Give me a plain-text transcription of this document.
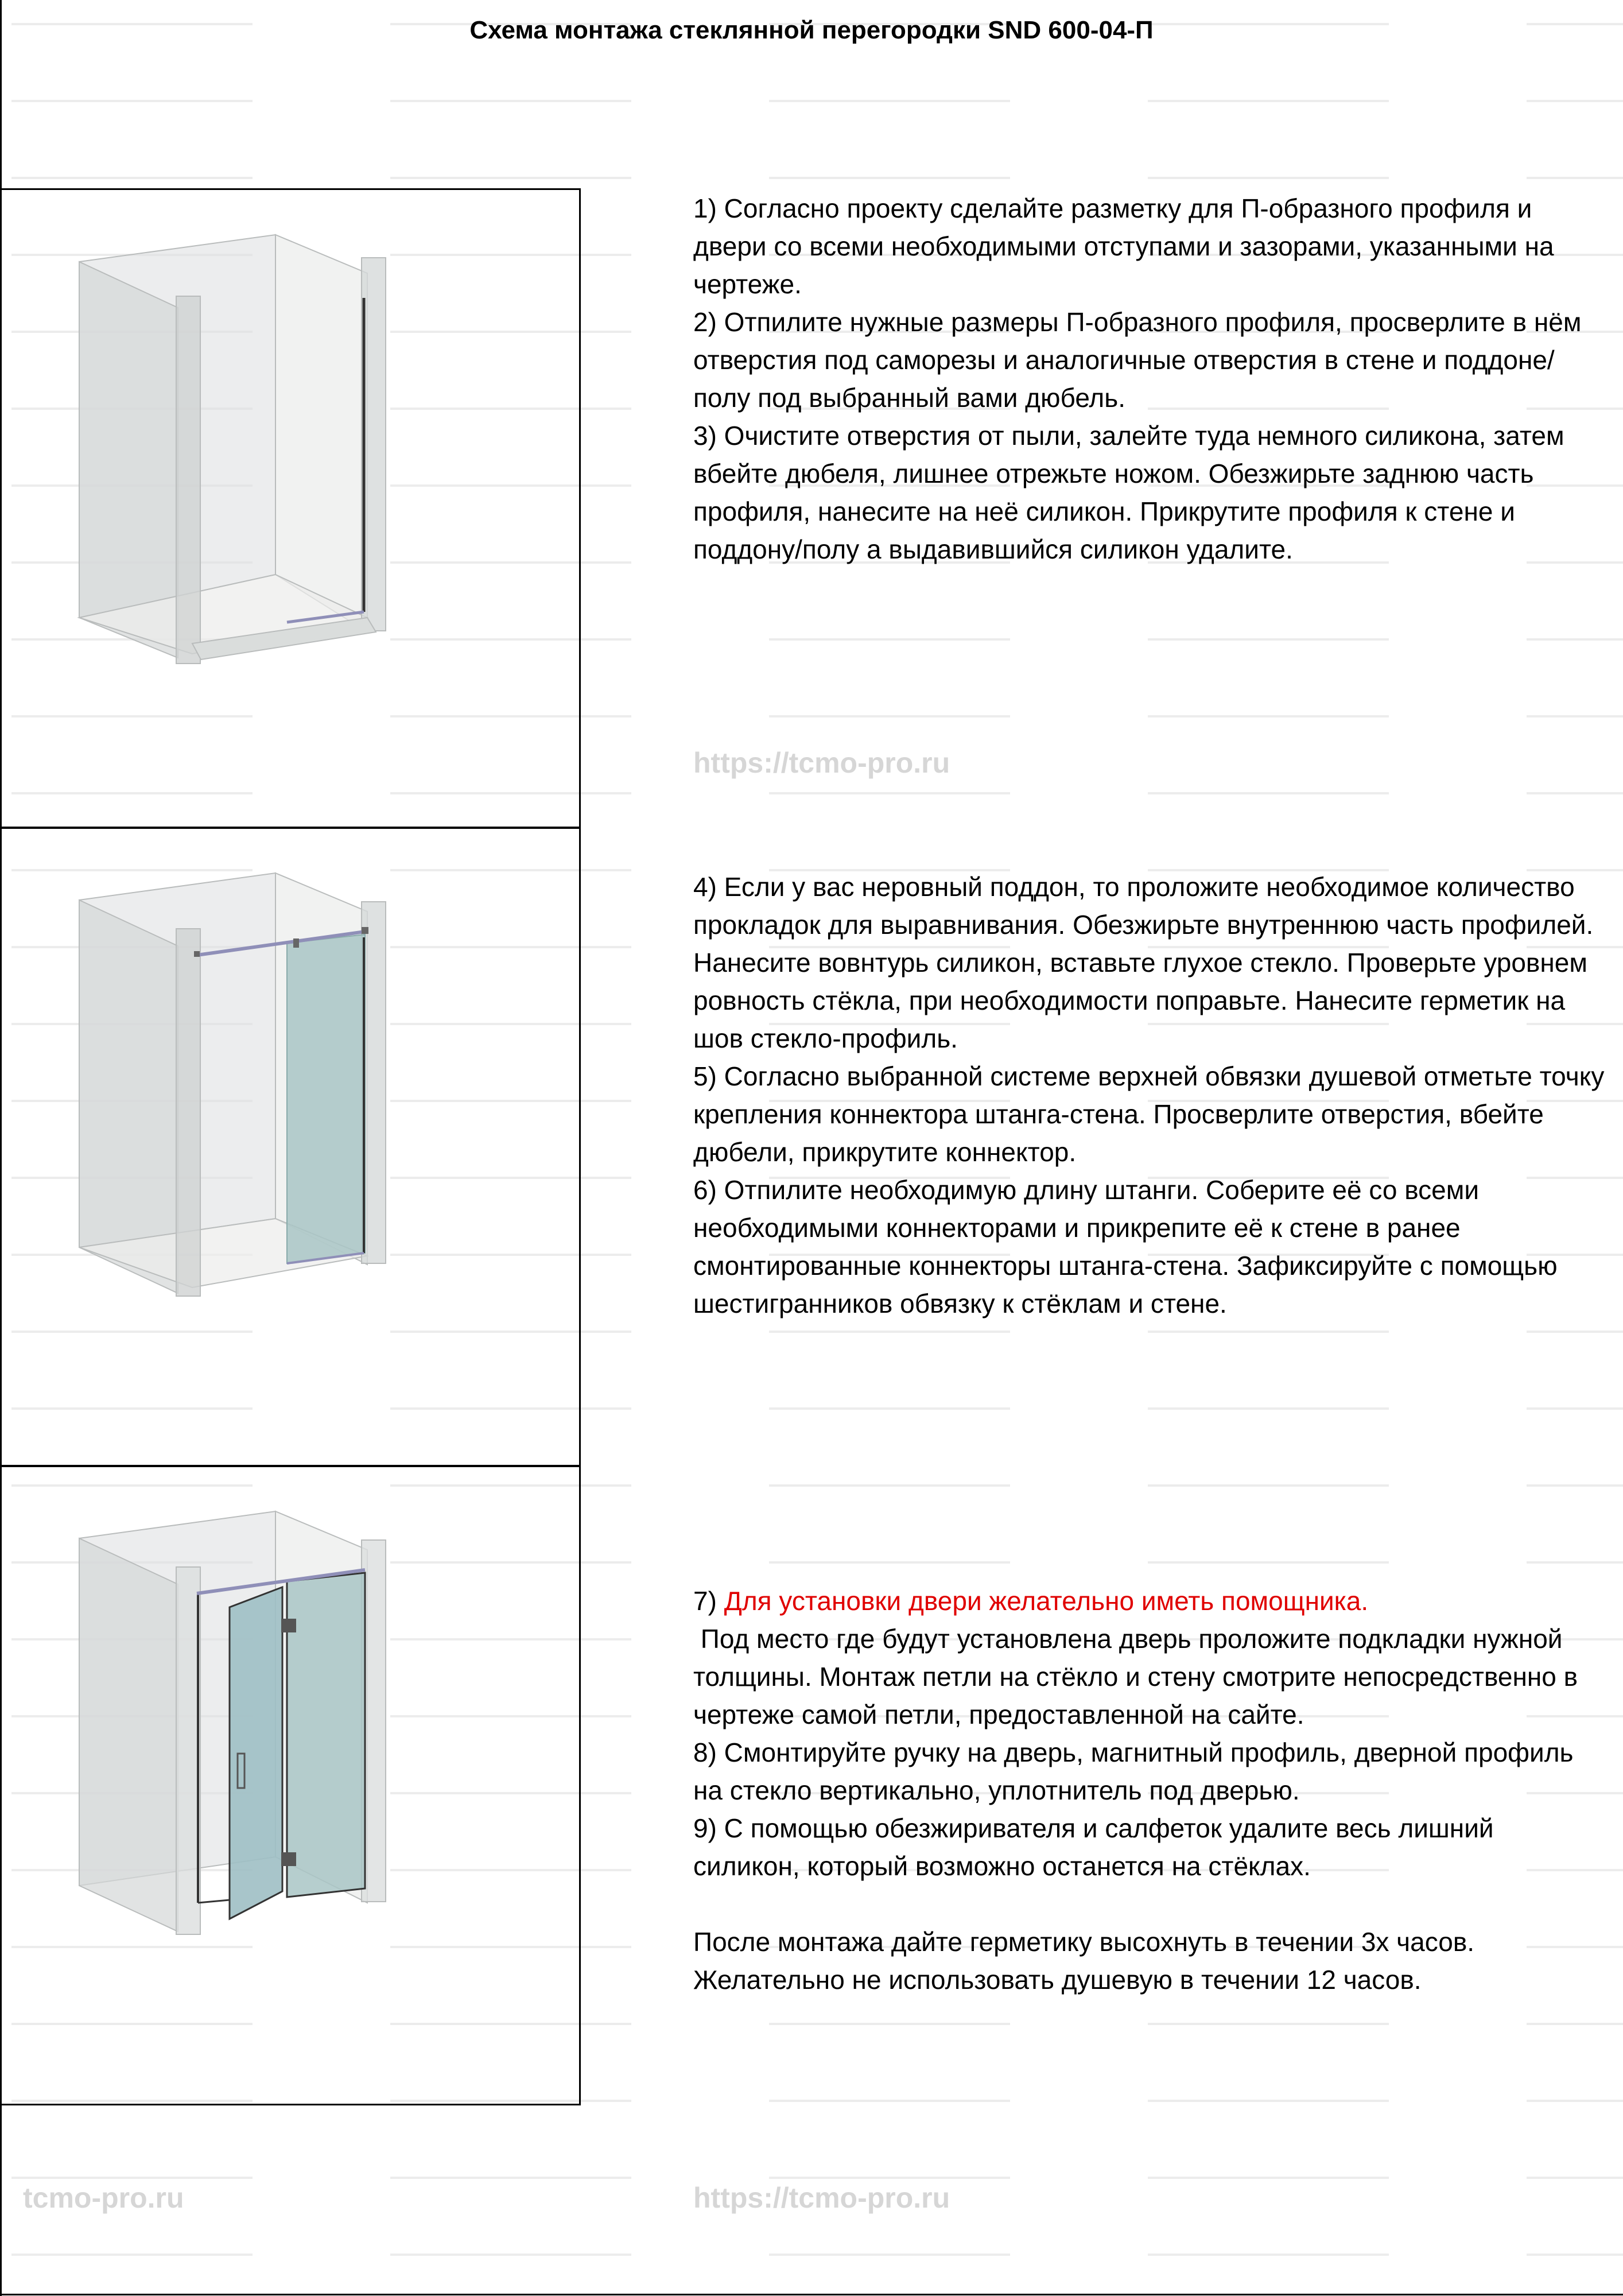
Схема монтажа стеклянной перегородки SND 600-04-П

1) Согласно проекту сделайте разметку для П-образного профиля и двери со всеми необходимыми отступами и зазорами, указанными на чертеже.

2) Отпилите нужные размеры П-образного профиля, просверлите в нём отверстия под саморезы и аналогичные отверстия в стене и поддоне/полу под выбранный вами дюбель.

3) Очистите отверстия от пыли, залейте туда немного силикона, затем вбейте дюбеля, лишнее отрежьте ножом. Обезжирьте заднюю часть профиля, нанесите на неё силикон. Прикрутите профиля к стене и поддону/полу а выдавившийся силикон удалите.

4) Если у вас неровный поддон, то проложите необходимое количество прокладок для выравнивания. Обезжирьте внутреннюю часть профилей. Нанесите вовнтурь силикон, вставьте глухое стекло. Проверьте уровнем ровность стёкла, при необходимости поправьте. Нанесите герметик на шов стекло-профиль.

5) Согласно выбранной системе верхней обвязки душевой отметьте точку крепления коннектора штанга-стена. Просверлите отверстия, вбейте дюбели, прикрутите коннектор.

6) Отпилите необходимую длину штанги. Соберите её со всеми необходимыми коннекторами и прикрепите её к стене в ранее смонтированные коннекторы штанга-стена. Зафиксируйте с помощью шестигранников обвязку к стёклам и стене.

7) Для установки двери желательно иметь помощника.

Под место где будут установлена дверь проложите подкладки нужной толщины. Монтаж петли на стёкло и стену смотрите непосредственно в чертеже самой петли, предоставленной на сайте.

8) Смонтируйте ручку на дверь, магнитный профиль, дверной профиль на стекло вертикально, уплотнитель под дверью.

9) С помощью обезжиривателя и салфеток удалите весь лишний силикон, который возможно останется на стёклах.

После монтажа дайте герметику высохнуть в течении 3х часов. Желательно не использовать душевую в течении 12 часов.

https://tcmo-pro.ru
https://tcmo-pro.ru
tcmo-pro.ru
